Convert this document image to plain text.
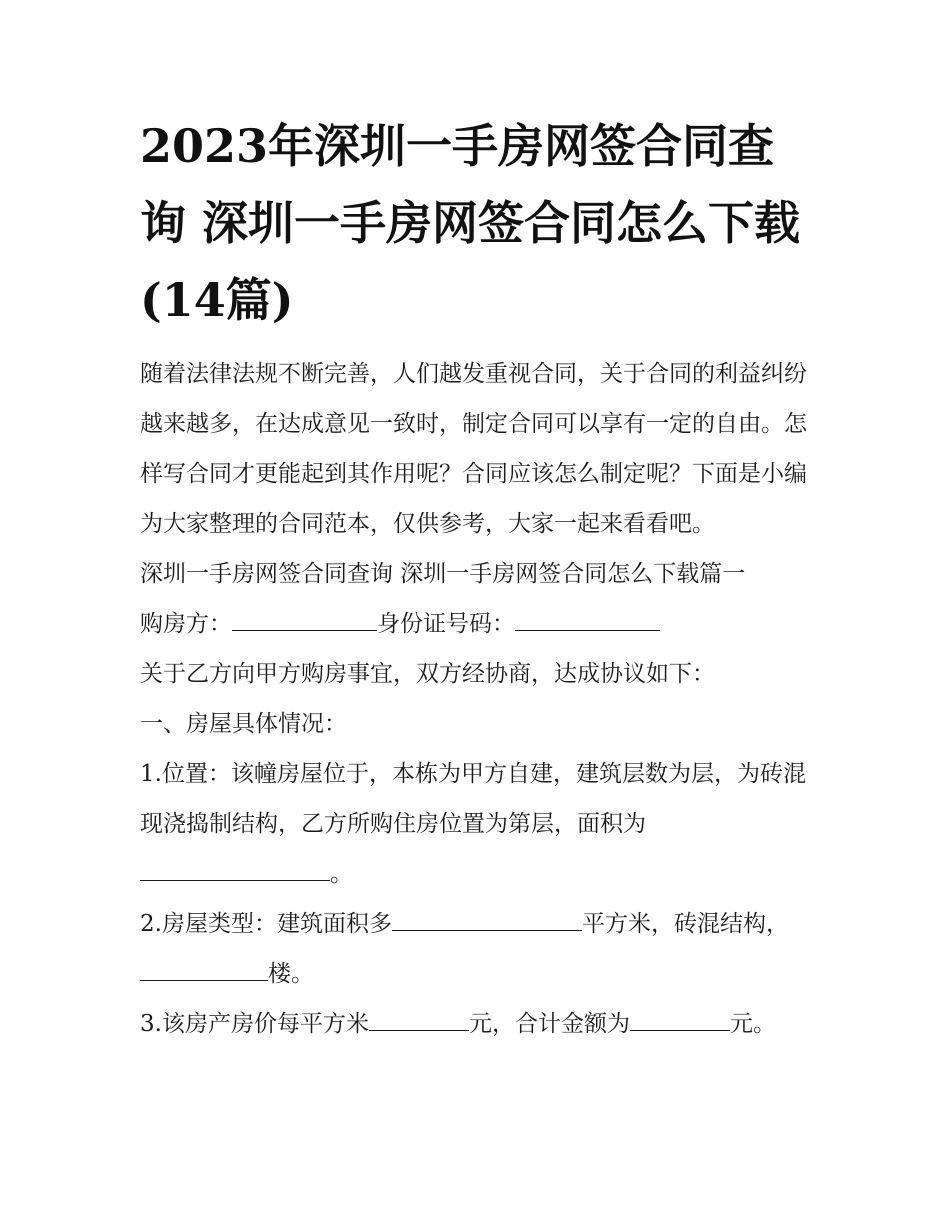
2023年深圳一手房网签合同查询 深圳一手房网签合同怎么下载(14篇)

随着法律法规不断完善，人们越发重视合同，关于合同的利益纠纷越来越多，在达成意见一致时，制定合同可以享有一定的自由。怎样写合同才更能起到其作用呢？合同应该怎么制定呢？下面是小编为大家整理的合同范本，仅供参考，大家一起来看看吧。

深圳一手房网签合同查询 深圳一手房网签合同怎么下载篇一

购房方：	身份证号码：

关于乙方向甲方购房事宜，双方经协商，达成协议如下：

一、房屋具体情况：

1.位置：该幢房屋位于，本栋为甲方自建，建筑层数为层，为砖混现浇捣制结构，乙方所购住房位置为第层，面积为
。

2.房屋类型：建筑面积多	平方米，砖混结构，楼。

3.该房产房价每平方米	元，合计金额为	元。
